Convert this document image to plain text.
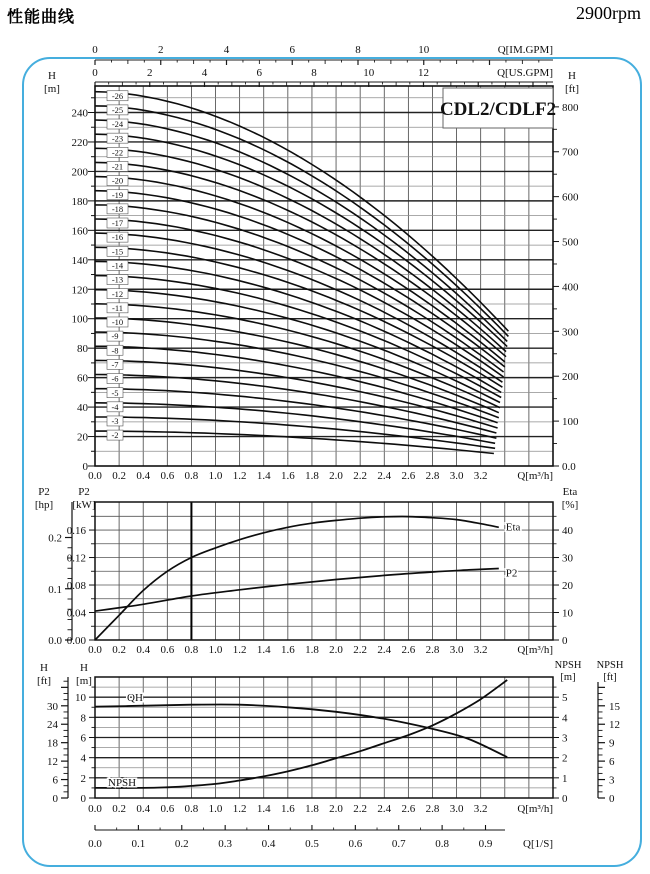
性能曲线	2900rpm
0	2	4	6	8	10	Q[IM.GPM]
0	2	4	6	8	10	12	Q[US.GPM]
-2
-3
-4
-5
-6
-7
-8
-9
-10
-11
-12
-13
-14
-15
-16
-17
-18
-19
-20
-21
-22
-23
-24
-25
-26
0
20
40
60
80
100
120
140
160
180
200
220
240
H
[m]
0.0
100
200
300
400
500
600
700
800
H
[ft]
0.0 0.2 0.4 0.6 0.8 1.0 1.2 1.4 1.6 1.8 2.0 2.2 2.4 2.6 2.8 3.0 3.2	Q[m³/h]
CDL2/CDLF2
Eta
P2
0.00
0.04
0.08
0.12
0.16
P2
[kW]
0.0
0.1
0.2
P2
[hp]
0
10
20
30
40
Eta
[%]
0.0 0.2 0.4 0.6 0.8 1.0 1.2 1.4 1.6 1.8 2.0 2.2 2.4 2.6 2.8 3.0 3.2	Q[m³/h]
QH
NPSH
0
2
4
6
8
10
H
[m]
0
6
12
18
24
30
H
[ft]
0
1
2
3
4
5
NPSH
[m]
0
3
6
9
12
15
NPSH
[ft]
0.0 0.2 0.4 0.6 0.8 1.0 1.2 1.4 1.6 1.8 2.0 2.2 2.4 2.6 2.8 3.0 3.2	Q[m³/h]
0.0	0.1	0.2	0.3	0.4	0.5	0.6	0.7	0.8	0.9	Q[1/S]
